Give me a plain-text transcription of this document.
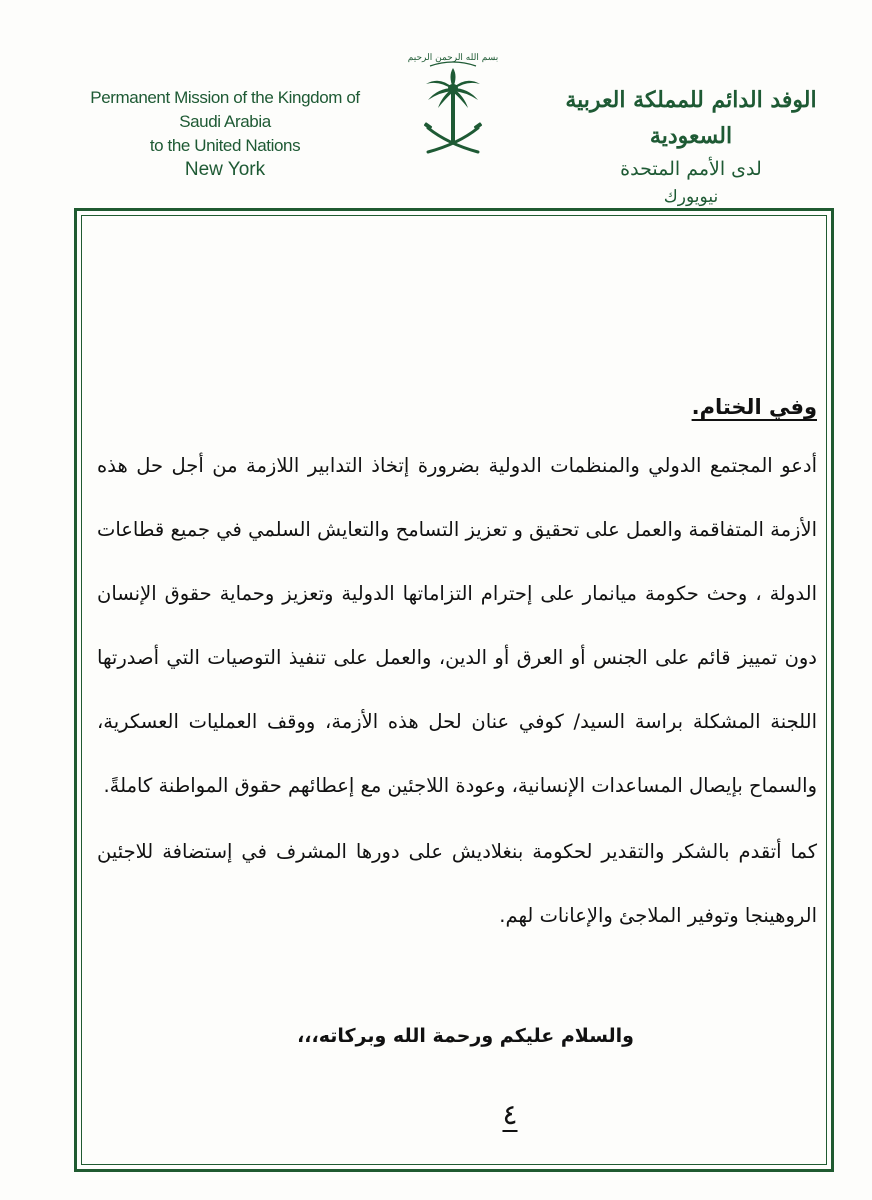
Permanent Mission of the Kingdom of Saudi Arabia
to the United Nations
New York
بسم الله الرحمن الرحيم
الوفد الدائم للمملكة العربية السعودية
لدى الأمم المتحدة
نيويورك
وفي الختام.

أدعو المجتمع الدولي والمنظمات الدولية بضرورة إتخاذ التدابير اللازمة من أجل حل هذه الأزمة المتفاقمة والعمل على تحقيق و تعزيز التسامح والتعايش السلمي في جميع قطاعات الدولة ، وحث حكومة ميانمار على إحترام التزاماتها الدولية وتعزيز وحماية حقوق الإنسان دون تمييز قائم على الجنس أو العرق أو الدين، والعمل على تنفيذ التوصيات التي أصدرتها اللجنة المشكلة براسة السيد/ كوفي عنان لحل هذه الأزمة، ووقف العمليات العسكرية، والسماح بإيصال المساعدات الإنسانية، وعودة اللاجئين مع إعطائهم حقوق المواطنة كاملةً.

كما أتقدم بالشكر والتقدير لحكومة بنغلاديش على دورها المشرف في إستضافة للاجئين الروهينجا وتوفير الملاجئ والإعانات لهم.

والسلام عليكم ورحمة الله وبركاته،،،
٤
